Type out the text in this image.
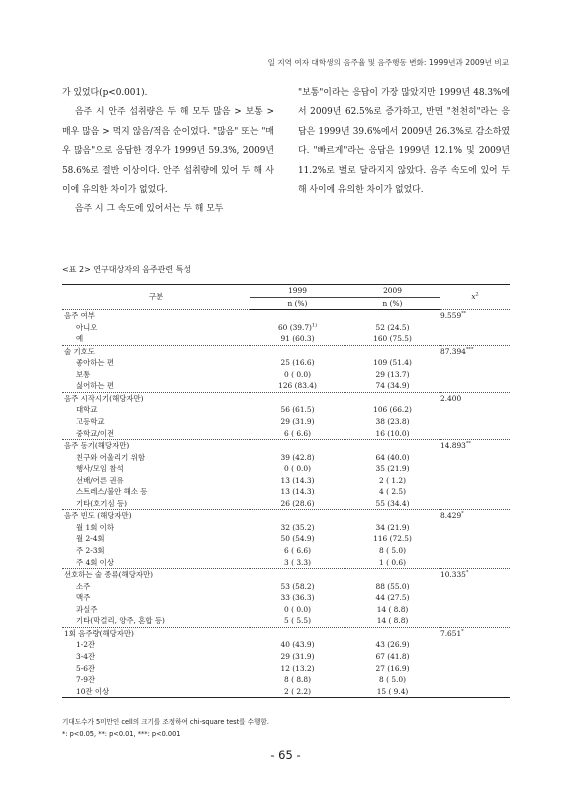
일 지역 여자 대학생의 음주율 및 음주행동 변화: 1999년과 2009년 비교

가 있었다(p<0.001).

음주 시 안주 섭취량은 두 해 모두 많음 > 보통 > 매우 많음 > 먹지 않음/적음 순이었다. "많음" 또는 "매우 많음"으로 응답한 경우가 1999년 59.3%, 2009년 58.6%로 절반 이상이다. 안주 섭취량에 있어 두 해 사이에 유의한 차이가 없었다.

음주 시 그 속도에 있어서는 두 해 모두

"보통"이라는 응답이 가장 많았지만 1999년 48.3%에서 2009년 62.5%로 증가하고, 반면 "천천히"라는 응답은 1999년 39.6%에서 2009년 26.3%로 감소하였다. "빠르게"라는 응답은 1999년 12.1% 및 2009년 11.2%로 별로 달라지지 않았다. 음주 속도에 있어 두 해 사이에 유의한 차이가 없었다.

<표 2> 연구대상자의 음주관련 특성
구분	1999	2009	$x^2$
	n (%)	n (%)	
음주 여부			9.559**
아니오	60 $(39.7)^{1)}$	52 (24.5)	
예	91 (60.3)	160 (75.5)	
술 기호도			87.394***
좋아하는 편	25 (16.6)	109 (51.4)	
보통	0 ( 0.0)	29 (13.7)	
싫어하는 편	126 (83.4)	74 (34.9)	
음주 시작시기(해당자만)			2.400
대학교	56 (61.5)	106 (66.2)	
고등학교	29 (31.9)	38 (23.8)	
중학교/이전	6 ( 6.6)	16 (10.0)	
음주 동기(해당자만)			14.893**
친구와 어울리기 위함	39 (42.8)	64 (40.0)	
행사/모임 참석	0 ( 0.0)	35 (21.9)	
선배/어른 권유	13 (14.3)	2 ( 1.2)	
스트레스/불안 해소 등	13 (14.3)	4 ( 2.5)	
기타(호기심 등)	26 (28.6)	55 (34.4)	
음주 빈도 (해당자만)			8.429*
월 1회 이하	32 (35.2)	34 (21.9)	
월 2-4회	50 (54.9)	116 (72.5)	
주 2-3회	6 ( 6.6)	8 ( 5.0)	
주 4회 이상	3 ( 3.3)	1 ( 0.6)	
선호하는 술 종류(해당자만)			10.335*
소주	53 (58.2)	88 (55.0)	
맥주	33 (36.3)	44 (27.5)	
과실주	0 ( 0.0)	14 ( 8.8)	
기타(막걸리, 양주, 혼합 등)	5 ( 5.5)	14 ( 8.8)	
1회 음주량(해당자만)			7.651*
1-2잔	40 (43.9)	43 (26.9)	
3-4잔	29 (31.9)	67 (41.8)	
5-6잔	12 (13.2)	27 (16.9)	
7-9잔	8 ( 8.8)	8 ( 5.0)	
10잔 이상	2 ( 2.2)	15 ( 9.4)	
기대도수가 5미만인 cell의 크기를 조정하여 chi-square test를 수행함.
*: p<0.05, **: p<0.01, ***: p<0.001
- 65 -
